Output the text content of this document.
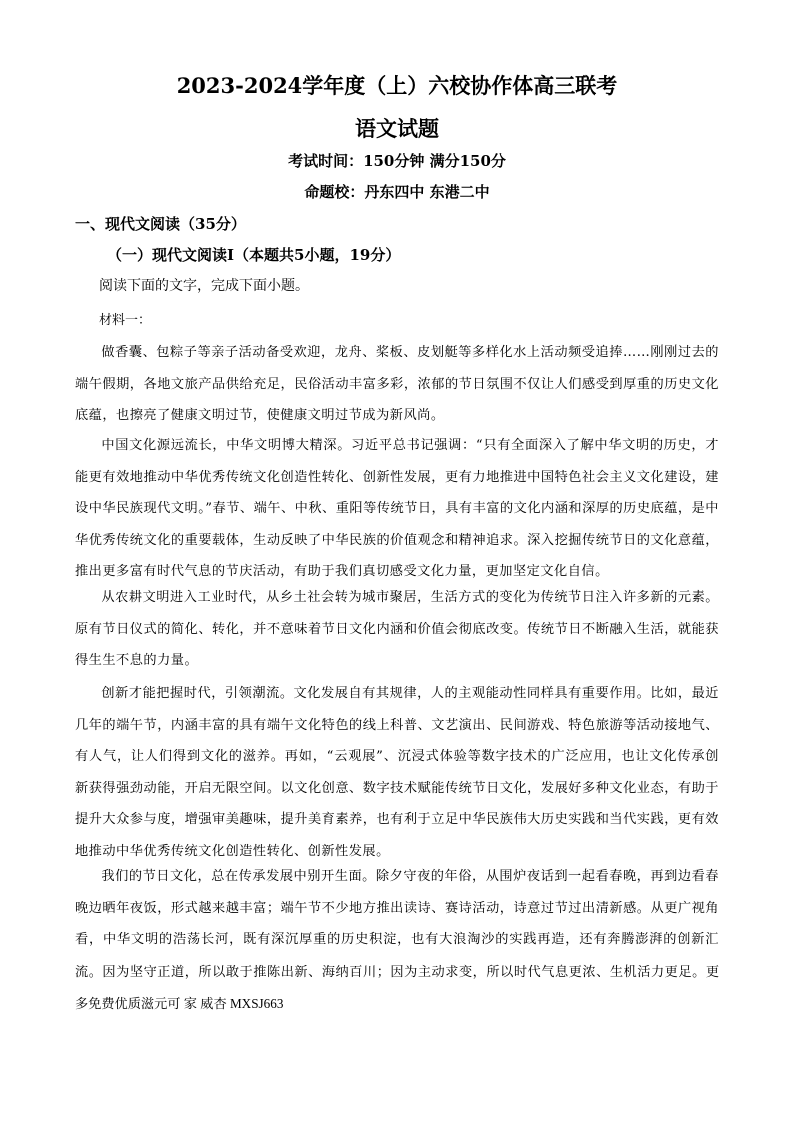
2023-2024学年度（上）六校协作体高三联考
语文试题
考试时间：150分钟 满分150分
命题校：丹东四中 东港二中
一、现代文阅读（35分）
（一）现代文阅读Ⅰ（本题共5小题，19分）
阅读下面的文字，完成下面小题。
材料一：

做香囊、包粽子等亲子活动备受欢迎，龙舟、桨板、皮划艇等多样化水上活动频受追捧……刚刚过去的端午假期，各地文旅产品供给充足，民俗活动丰富多彩，浓郁的节日氛围不仅让人们感受到厚重的历史文化底蕴，也擦亮了健康文明过节，使健康文明过节成为新风尚。

中国文化源远流长，中华文明博大精深。习近平总书记强调：“只有全面深入了解中华文明的历史，才能更有效地推动中华优秀传统文化创造性转化、创新性发展，更有力地推进中国特色社会主义文化建设，建设中华民族现代文明。”春节、端午、中秋、重阳等传统节日，具有丰富的文化内涵和深厚的历史底蕴，是中华优秀传统文化的重要载体，生动反映了中华民族的价值观念和精神追求。深入挖掘传统节日的文化意蕴，推出更多富有时代气息的节庆活动，有助于我们真切感受文化力量，更加坚定文化自信。

从农耕文明进入工业时代，从乡土社会转为城市聚居，生活方式的变化为传统节日注入许多新的元素。原有节日仪式的简化、转化，并不意味着节日文化内涵和价值会彻底改变。传统节日不断融入生活，就能获得生生不息的力量。

创新才能把握时代，引领潮流。文化发展自有其规律，人的主观能动性同样具有重要作用。比如，最近几年的端午节，内涵丰富的具有端午文化特色的线上科普、文艺演出、民间游戏、特色旅游等活动接地气、有人气，让人们得到文化的滋养。再如，“云观展”、沉浸式体验等数字技术的广泛应用，也让文化传承创新获得强劲动能，开启无限空间。以文化创意、数字技术赋能传统节日文化，发展好多种文化业态，有助于提升大众参与度，增强审美趣味，提升美育素养，也有利于立足中华民族伟大历史实践和当代实践，更有效地推动中华优秀传统文化创造性转化、创新性发展。

我们的节日文化，总在传承发展中别开生面。除夕守夜的年俗，从围炉夜话到一起看春晚，再到边看春晚边晒年夜饭，形式越来越丰富；端午节不少地方推出读诗、赛诗活动，诗意过节过出清新感。从更广视角看，中华文明的浩荡长河，既有深沉厚重的历史积淀，也有大浪淘沙的实践再造，还有奔腾澎湃的创新汇流。因为坚守正道，所以敢于推陈出新、海纳百川；因为主动求变，所以时代气息更浓、生机活力更足。更多免费优质滋元可 家 威杏 MXSJ663
